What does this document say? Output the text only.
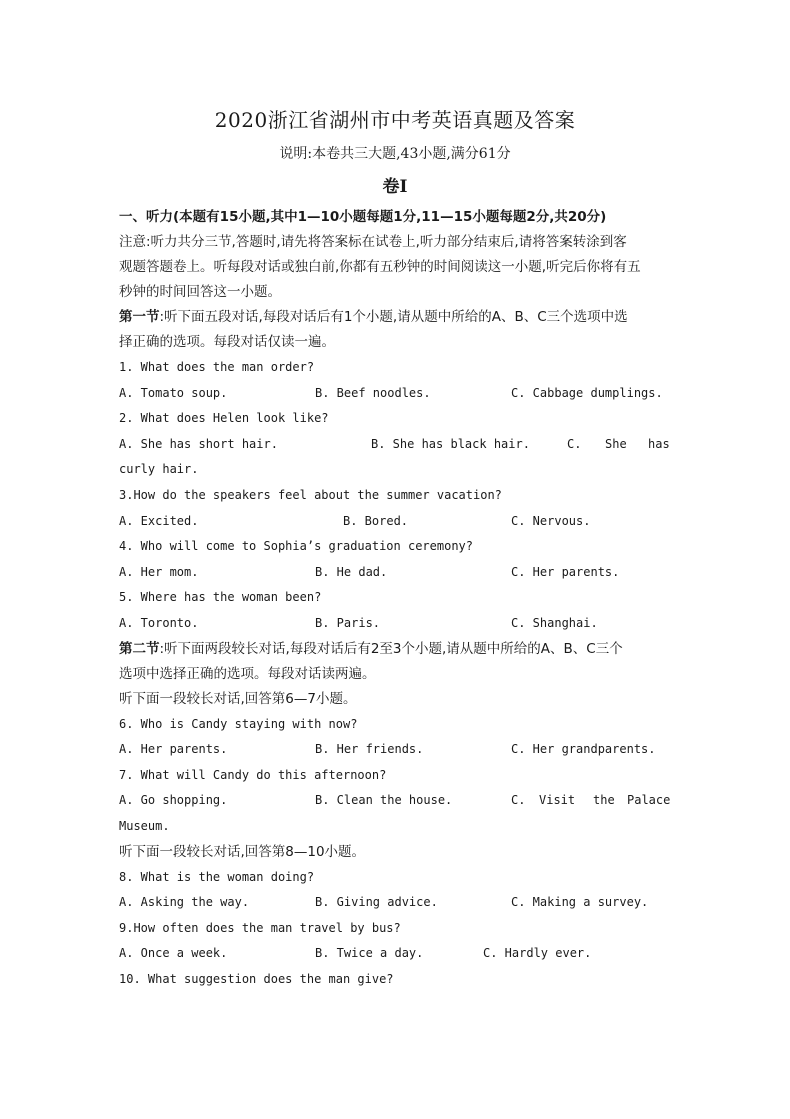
2020浙江省湖州市中考英语真题及答案
说明:本卷共三大题,43小题,满分61分
卷I

一、听力(本题有15小题,其中1—10小题每题1分,11—15小题每题2分,共20分)

注意:听力共分三节,答题时,请先将答案标在试卷上,听力部分结束后,请将答案转涂到客

观题答题卷上。听每段对话或独白前,你都有五秒钟的时间阅读这一小题,听完后你将有五

秒钟的时间回答这一小题。

第一节:听下面五段对话,每段对话后有1个小题,请从题中所给的A、B、C三个选项中选

择正确的选项。每段对话仅读一遍。

1. What does the man order?

A. Tomato soup.	B. Beef noodles.	C. Cabbage dumplings.

2. What does Helen look like?

A. She has short hair.	B. She has black hair.	C. She has
curly hair.

3.How do the speakers feel about the summer vacation?

A. Excited.	B. Bored.	C. Nervous.

4. Who will come to Sophia’s graduation ceremony?

A. Her mom.	B. He dad.	C. Her parents.

5. Where has the woman been?

A. Toronto.	B. Paris.	C. Shanghai.

第二节:听下面两段较长对话,每段对话后有2至3个小题,请从题中所给的A、B、C三个

选项中选择正确的选项。每段对话读两遍。

听下面一段较长对话,回答第6—7小题。

6. Who is Candy staying with now?

A. Her parents.	B. Her friends.	C. Her grandparents.

7. What will Candy do this afternoon?

A. Go shopping.	B. Clean the house.	C. Visit the Palace
Museum.

听下面一段较长对话,回答第8—10小题。

8. What is the woman doing?

A. Asking the way.	B. Giving advice.	C. Making a survey.

9.How often does the man travel by bus?

A. Once a week.	B. Twice a day.	C. Hardly ever.

10. What suggestion does the man give?
